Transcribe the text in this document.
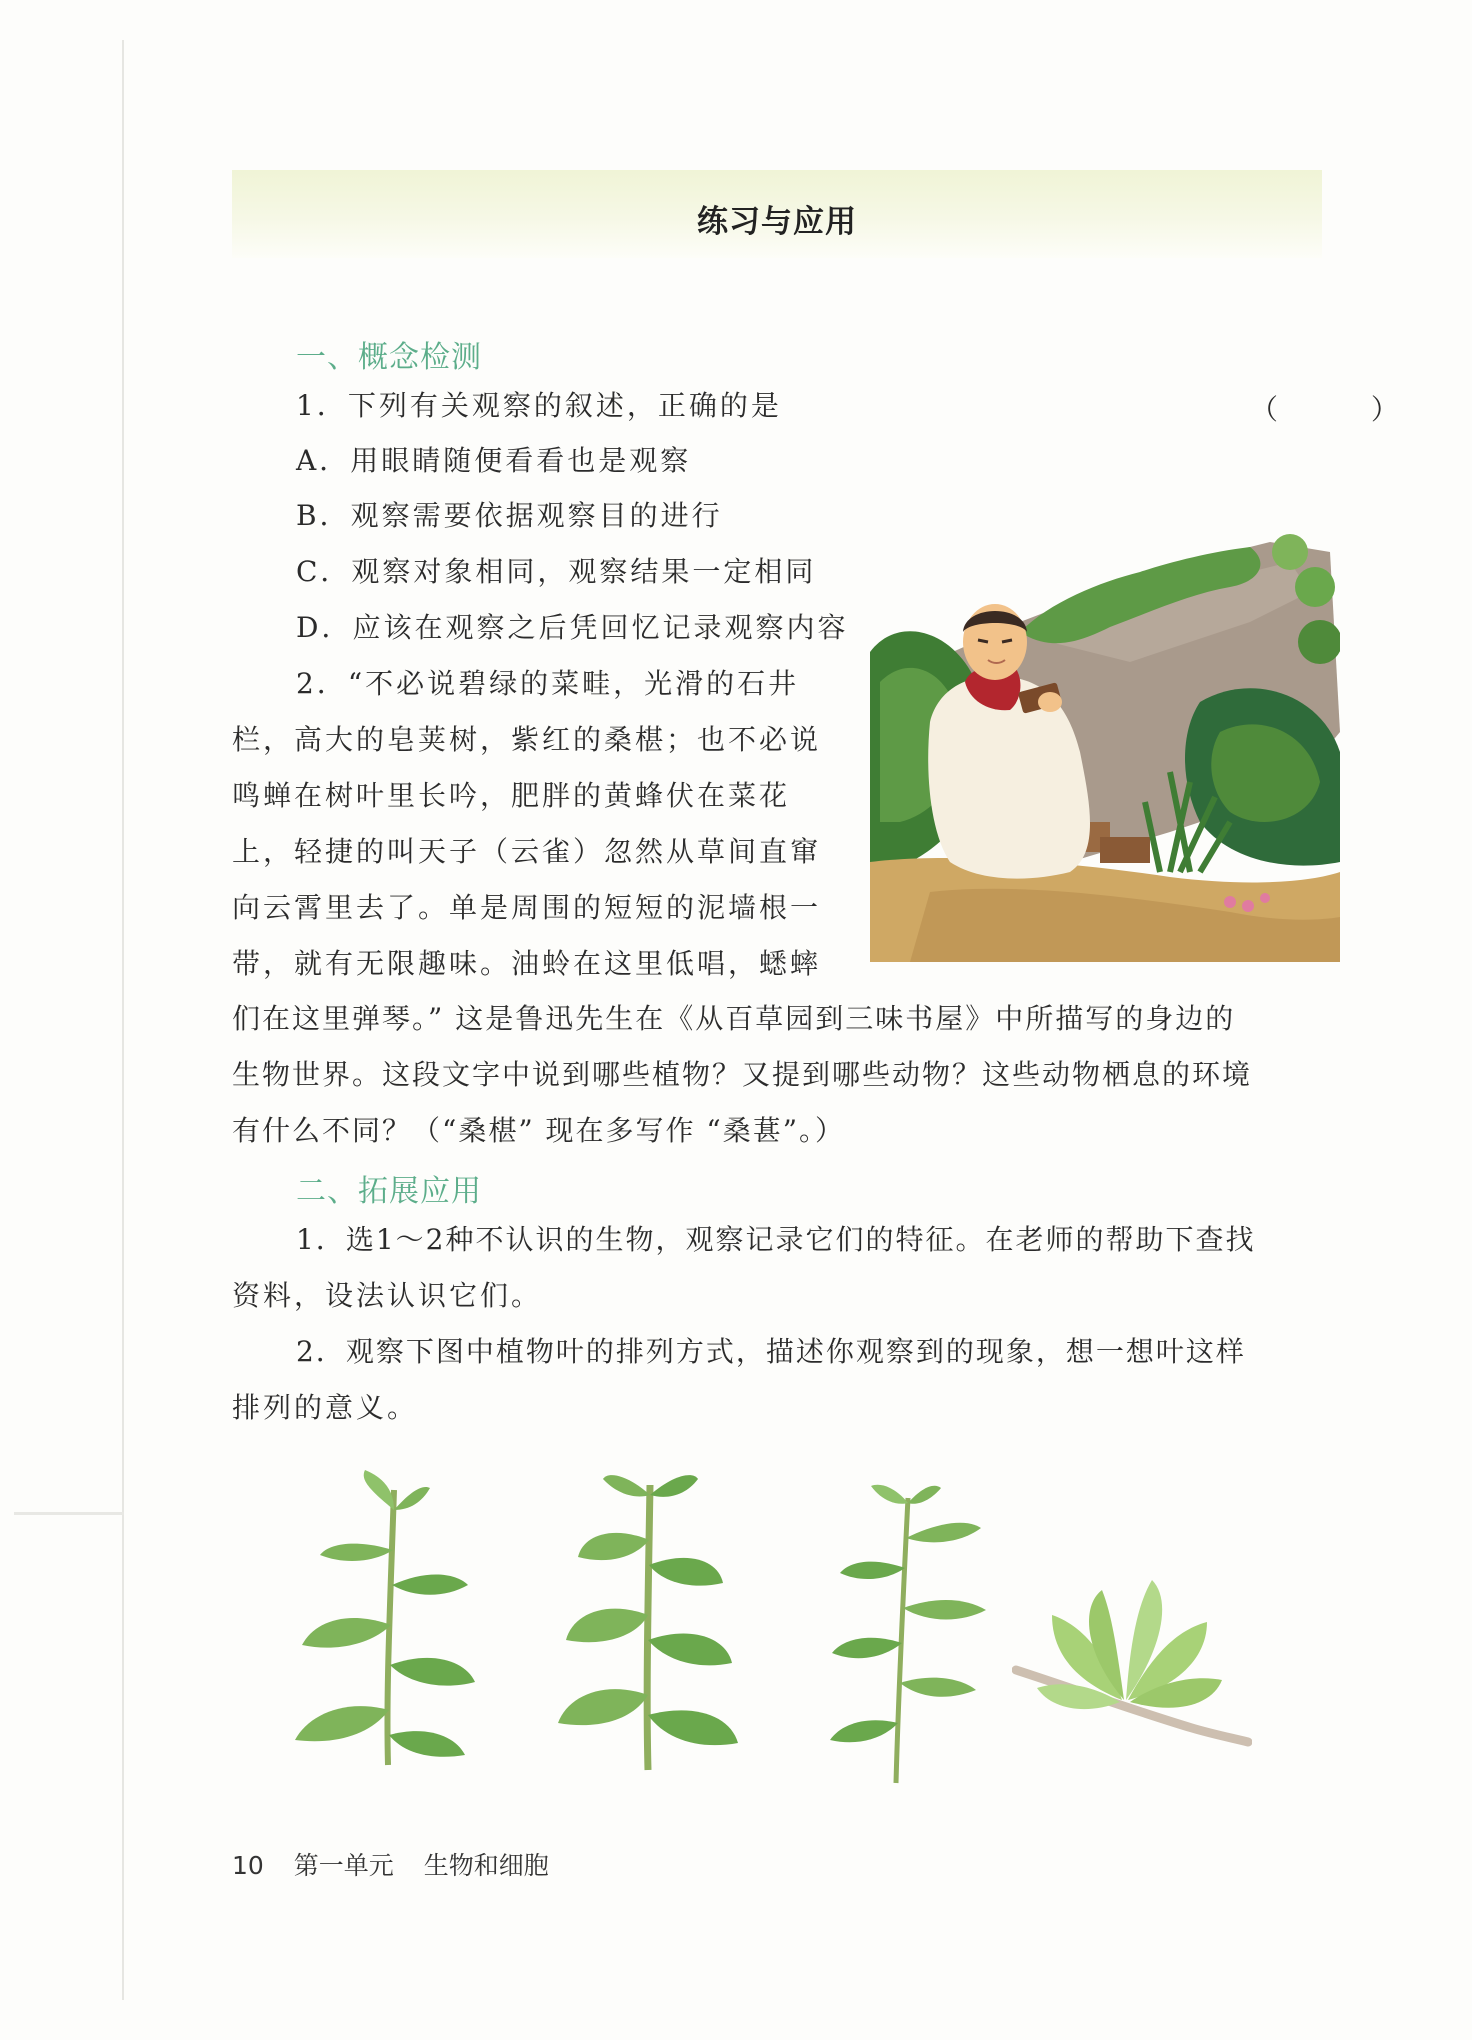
练习与应用
一、概念检测
1．下列有关观察的叙述，正确的是	（ ）
A．用眼睛随便看看也是观察
B．观察需要依据观察目的进行
C．观察对象相同，观察结果一定相同
D．应该在观察之后凭回忆记录观察内容
2．“不必说碧绿的菜畦，光滑的石井
栏，高大的皂荚树，紫红的桑椹；也不必说
鸣蝉在树叶里长吟，肥胖的黄蜂伏在菜花
上，轻捷的叫天子（云雀）忽然从草间直窜
向云霄里去了。单是周围的短短的泥墙根一
带，就有无限趣味。油蛉在这里低唱，蟋蟀
们在这里弹琴。” 这是鲁迅先生在《从百草园到三味书屋》中所描写的身边的
生物世界。这段文字中说到哪些植物？又提到哪些动物？这些动物栖息的环境
有什么不同？（“桑椹” 现在多写作 “桑葚”。）
二、拓展应用
1．选1～2种不认识的生物，观察记录它们的特征。在老师的帮助下查找
资料，设法认识它们。
2．观察下图中植物叶的排列方式，描述你观察到的现象，想一想叶这样
排列的意义。
10 第一单元 生物和细胞
